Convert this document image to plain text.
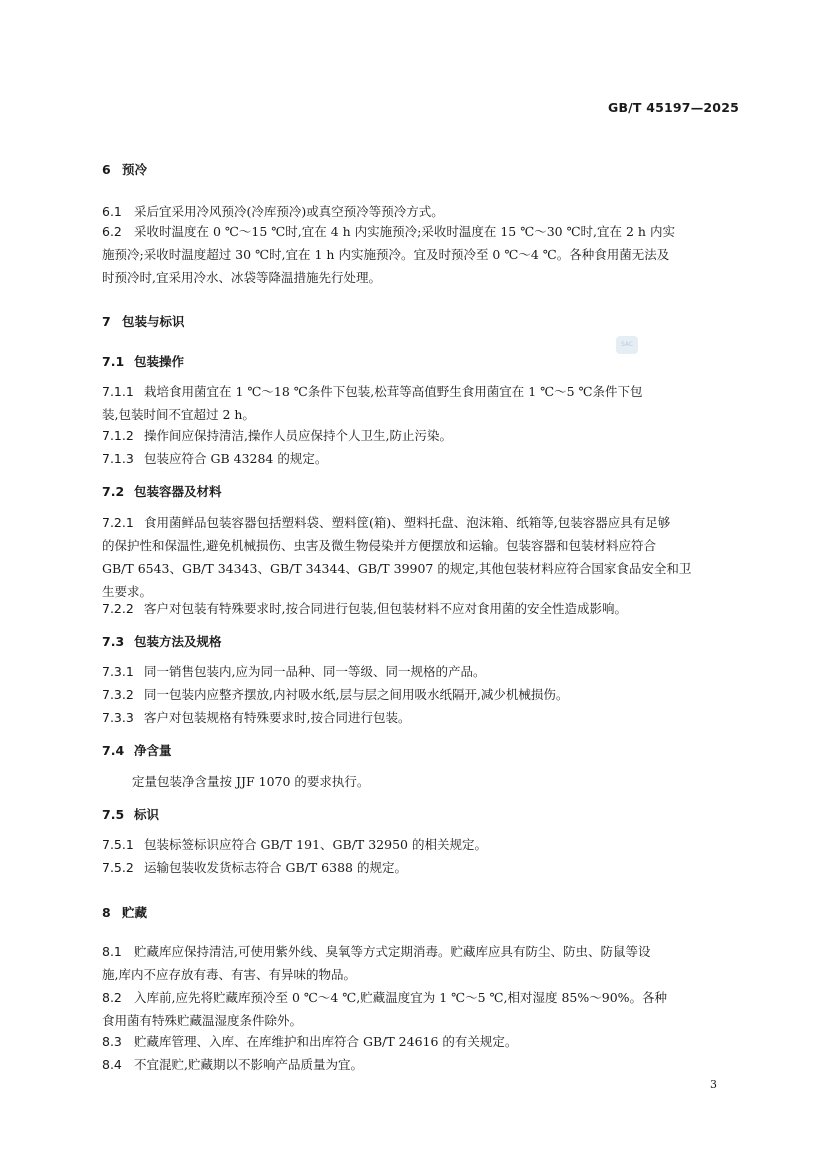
GB/T 45197—2025
SAC
6 预冷
6.1 采后宜采用冷风预冷(冷库预冷)或真空预冷等预冷方式。
6.2 采收时温度在 0 ℃～15 ℃时,宜在 4 h 内实施预冷;采收时温度在 15 ℃～30 ℃时,宜在 2 h 内实
施预冷;采收时温度超过 30 ℃时,宜在 1 h 内实施预冷。宜及时预冷至 0 ℃～4 ℃。各种食用菌无法及
时预冷时,宜采用冷水、冰袋等降温措施先行处理。
7 包装与标识
7.1 包装操作
7.1.1 栽培食用菌宜在 1 ℃～18 ℃条件下包装,松茸等高值野生食用菌宜在 1 ℃～5 ℃条件下包
装,包装时间不宜超过 2 h。
7.1.2 操作间应保持清洁,操作人员应保持个人卫生,防止污染。
7.1.3 包装应符合 GB 43284 的规定。
7.2 包装容器及材料
7.2.1 食用菌鲜品包装容器包括塑料袋、塑料筐(箱)、塑料托盘、泡沫箱、纸箱等,包装容器应具有足够
的保护性和保温性,避免机械损伤、虫害及微生物侵染并方便摆放和运输。包装容器和包装材料应符合
GB/T 6543、GB/T 34343、GB/T 34344、GB/T 39907 的规定,其他包装材料应符合国家食品安全和卫
生要求。
7.2.2 客户对包装有特殊要求时,按合同进行包装,但包装材料不应对食用菌的安全性造成影响。
7.3 包装方法及规格
7.3.1 同一销售包装内,应为同一品种、同一等级、同一规格的产品。
7.3.2 同一包装内应整齐摆放,内衬吸水纸,层与层之间用吸水纸隔开,减少机械损伤。
7.3.3 客户对包装规格有特殊要求时,按合同进行包装。
7.4 净含量
定量包装净含量按 JJF 1070 的要求执行。
7.5 标识
7.5.1 包装标签标识应符合 GB/T 191、GB/T 32950 的相关规定。
7.5.2 运输包装收发货标志符合 GB/T 6388 的规定。
8 贮藏
8.1 贮藏库应保持清洁,可使用紫外线、臭氧等方式定期消毒。贮藏库应具有防尘、防虫、防鼠等设
施,库内不应存放有毒、有害、有异味的物品。
8.2 入库前,应先将贮藏库预冷至 0 ℃～4 ℃,贮藏温度宜为 1 ℃～5 ℃,相对湿度 85%～90%。各种
食用菌有特殊贮藏温湿度条件除外。
8.3 贮藏库管理、入库、在库维护和出库符合 GB/T 24616 的有关规定。
8.4 不宜混贮,贮藏期以不影响产品质量为宜。
3
